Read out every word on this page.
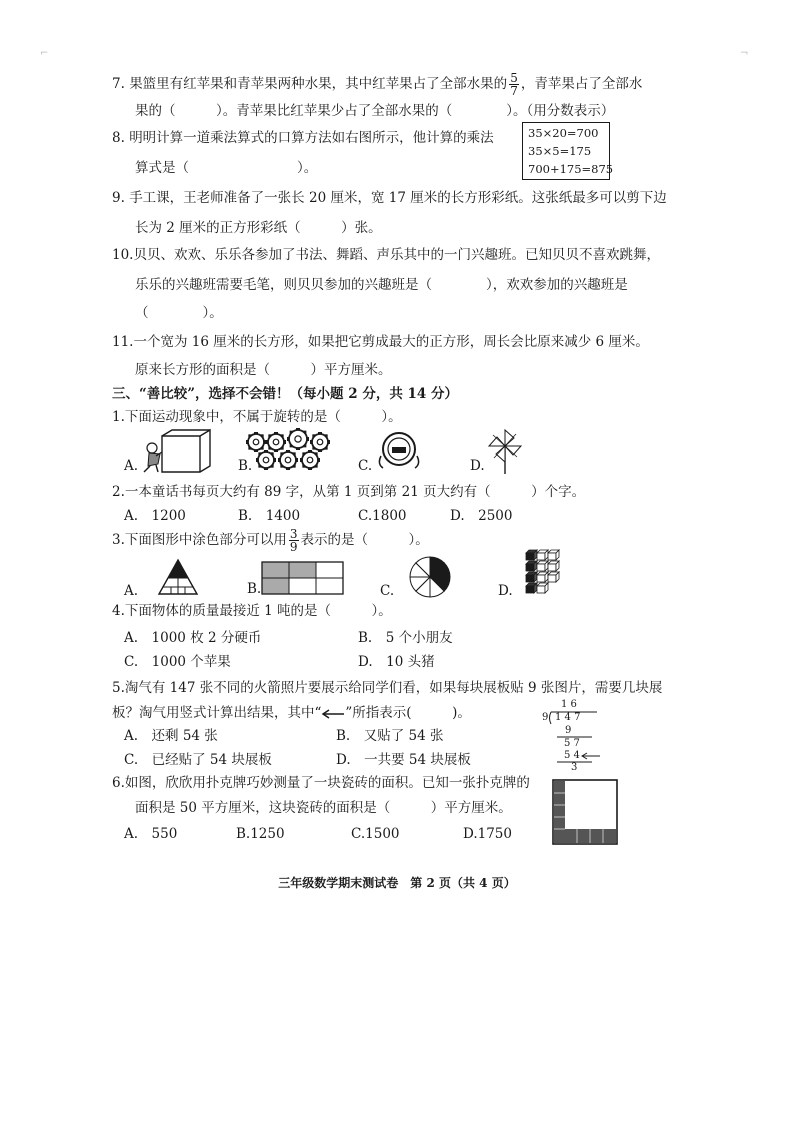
⌐	¬
7. 果篮里有红苹果和青苹果两种水果，其中红苹果占了全部水果的 $\frac{5}{7}$ ，青苹果占了全部水
果的（　　　）。青苹果比红苹果少占了全部水果的（　　　　）。（用分数表示）
8. 明明计算一道乘法算式的口算方法如右图所示，他计算的乘法
算式是（　　　　　　　　）。
35×20=700
35×5=175
700+175=875
9. 手工课，王老师准备了一张长 20 厘米，宽 17 厘米的长方形彩纸。这张纸最多可以剪下边
长为 2 厘米的正方形彩纸（　　　）张。
10.贝贝、欢欢、乐乐各参加了书法、舞蹈、声乐其中的一门兴趣班。已知贝贝不喜欢跳舞，
乐乐的兴趣班需要毛笔，则贝贝参加的兴趣班是（　　　　），欢欢参加的兴趣班是
（　　　　）。
11.一个宽为 16 厘米的长方形，如果把它剪成最大的正方形，周长会比原来减少 6 厘米。
原来长方形的面积是（　　　）平方厘米。
三、“善比较”，选择不会错！（每小题 2 分，共 14 分）
1.下面运动现象中，不属于旋转的是（　　　）。
A.	B.	C.	D.
2.一本童话书每页大约有 89 字，从第 1 页到第 21 页大约有（　　　）个字。
A.　1200	B.　1400	C.1800	D.　2500
3.下面图形中涂色部分可以用 $\frac{3}{9}$ 表示的是（　　　）。
A.	B.	C.	D.
4.下面物体的质量最接近 1 吨的是（　　　）。
A.　1000 枚 2 分硬币	B.　5 个小朋友
C.　1000 个苹果	D.　10 头猪
5.淘气有 147 张不同的火箭照片要展示给同学们看，如果每块展板贴 9 张图片，需要几块展
板？淘气用竖式计算出结果，其中“ ”所指表示(　　　)。
A.　还剩 54 张	B.　又贴了 54 张
C.　已经贴了 54 块展板	D.　一共要 54 块展板
1 6
9 1 4 7
9
5 7
5 4
3
6.如图，欣欣用扑克牌巧妙测量了一块瓷砖的面积。已知一张扑克牌的
面积是 50 平方厘米，这块瓷砖的面积是（　　　）平方厘米。
A.　550	B.1250	C.1500	D.1750
三年级数学期末测试卷　第 2 页（共 4 页）
